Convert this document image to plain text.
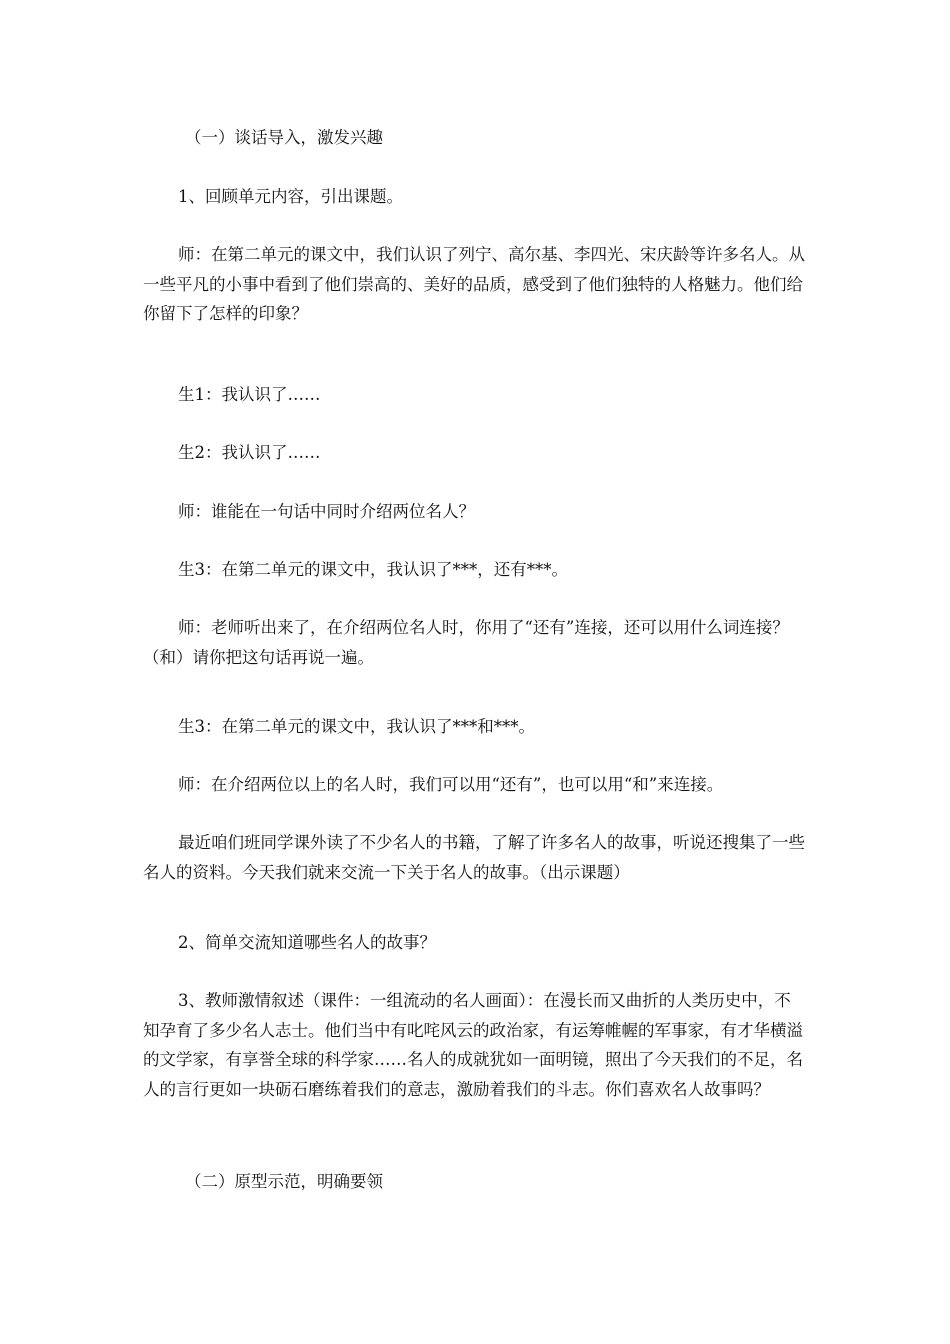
（一）谈话导入，激发兴趣

1、回顾单元内容，引出课题。

师：在第二单元的课文中，我们认识了列宁、高尔基、李四光、宋庆龄等许多名人。从一些平凡的小事中看到了他们崇高的、美好的品质，感受到了他们独特的人格魅力。他们给你留下了怎样的印象？

生1：我认识了……

生2：我认识了……

师：谁能在一句话中同时介绍两位名人？

生3：在第二单元的课文中，我认识了***，还有***。

师：老师听出来了，在介绍两位名人时，你用了“还有”连接，还可以用什么词连接？（和）请你把这句话再说一遍。

生3：在第二单元的课文中，我认识了***和***。

师：在介绍两位以上的名人时，我们可以用“还有”，也可以用“和”来连接。

最近咱们班同学课外读了不少名人的书籍，了解了许多名人的故事，听说还搜集了一些名人的资料。今天我们就来交流一下关于名人的故事。（出示课题）

2、简单交流知道哪些名人的故事？

3、教师激情叙述（课件：一组流动的名人画面）：在漫长而又曲折的人类历史中，不知孕育了多少名人志士。他们当中有叱咤风云的政治家，有运筹帷幄的军事家，有才华横溢的文学家，有享誉全球的科学家……名人的成就犹如一面明镜，照出了今天我们的不足，名人的言行更如一块砺石磨练着我们的意志，激励着我们的斗志。你们喜欢名人故事吗？

（二）原型示范，明确要领
